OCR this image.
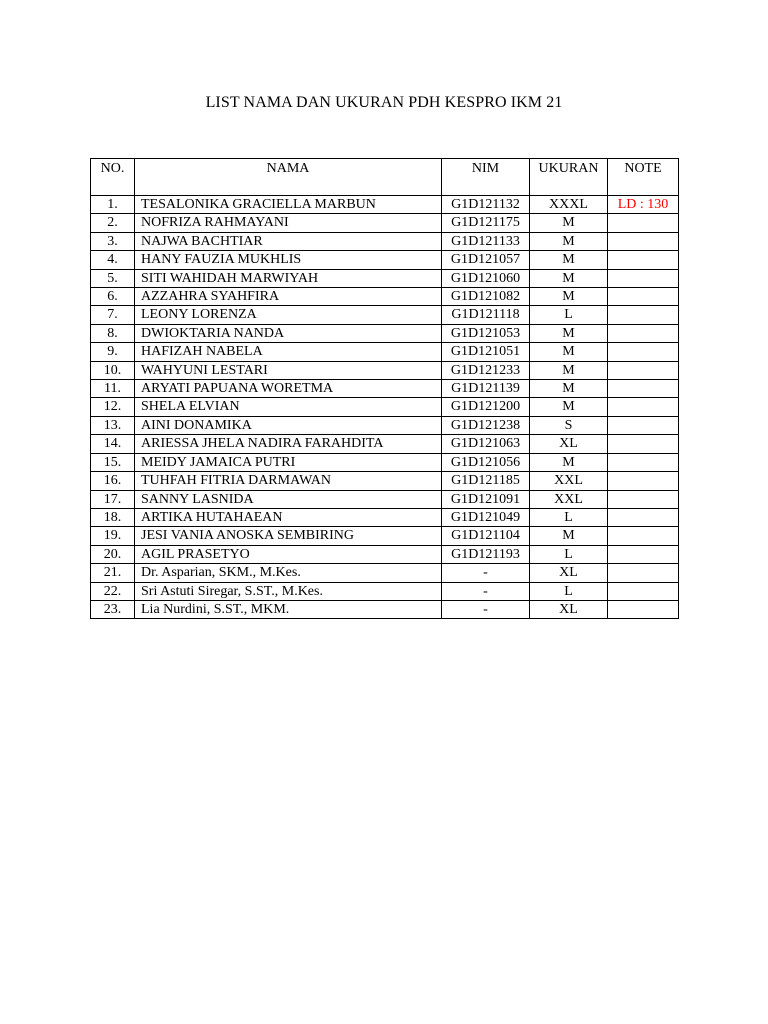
LIST NAMA DAN UKURAN PDH KESPRO IKM 21
NO.	NAMA	NIM	UKURAN	NOTE
1.	TESALONIKA GRACIELLA MARBUN	G1D121132	XXXL	LD : 130
2.	NOFRIZA RAHMAYANI	G1D121175	M	
3.	NAJWA BACHTIAR	G1D121133	M	
4.	HANY FAUZIA MUKHLIS	G1D121057	M	
5.	SITI WAHIDAH MARWIYAH	G1D121060	M	
6.	AZZAHRA SYAHFIRA	G1D121082	M	
7.	LEONY LORENZA	G1D121118	L	
8.	DWIOKTARIA NANDA	G1D121053	M	
9.	HAFIZAH NABELA	G1D121051	M	
10.	WAHYUNI LESTARI	G1D121233	M	
11.	ARYATI PAPUANA WORETMA	G1D121139	M	
12.	SHELA ELVIAN	G1D121200	M	
13.	AINI DONAMIKA	G1D121238	S	
14.	ARIESSA JHELA NADIRA FARAHDITA	G1D121063	XL	
15.	MEIDY JAMAICA PUTRI	G1D121056	M	
16.	TUHFAH FITRIA DARMAWAN	G1D121185	XXL	
17.	SANNY LASNIDA	G1D121091	XXL	
18.	ARTIKA HUTAHAEAN	G1D121049	L	
19.	JESI VANIA ANOSKA SEMBIRING	G1D121104	M	
20.	AGIL PRASETYO	G1D121193	L	
21.	Dr. Asparian, SKM., M.Kes.	-	XL	
22.	Sri Astuti Siregar, S.ST., M.Kes.	-	L	
23.	Lia Nurdini, S.ST., MKM.	-	XL	
